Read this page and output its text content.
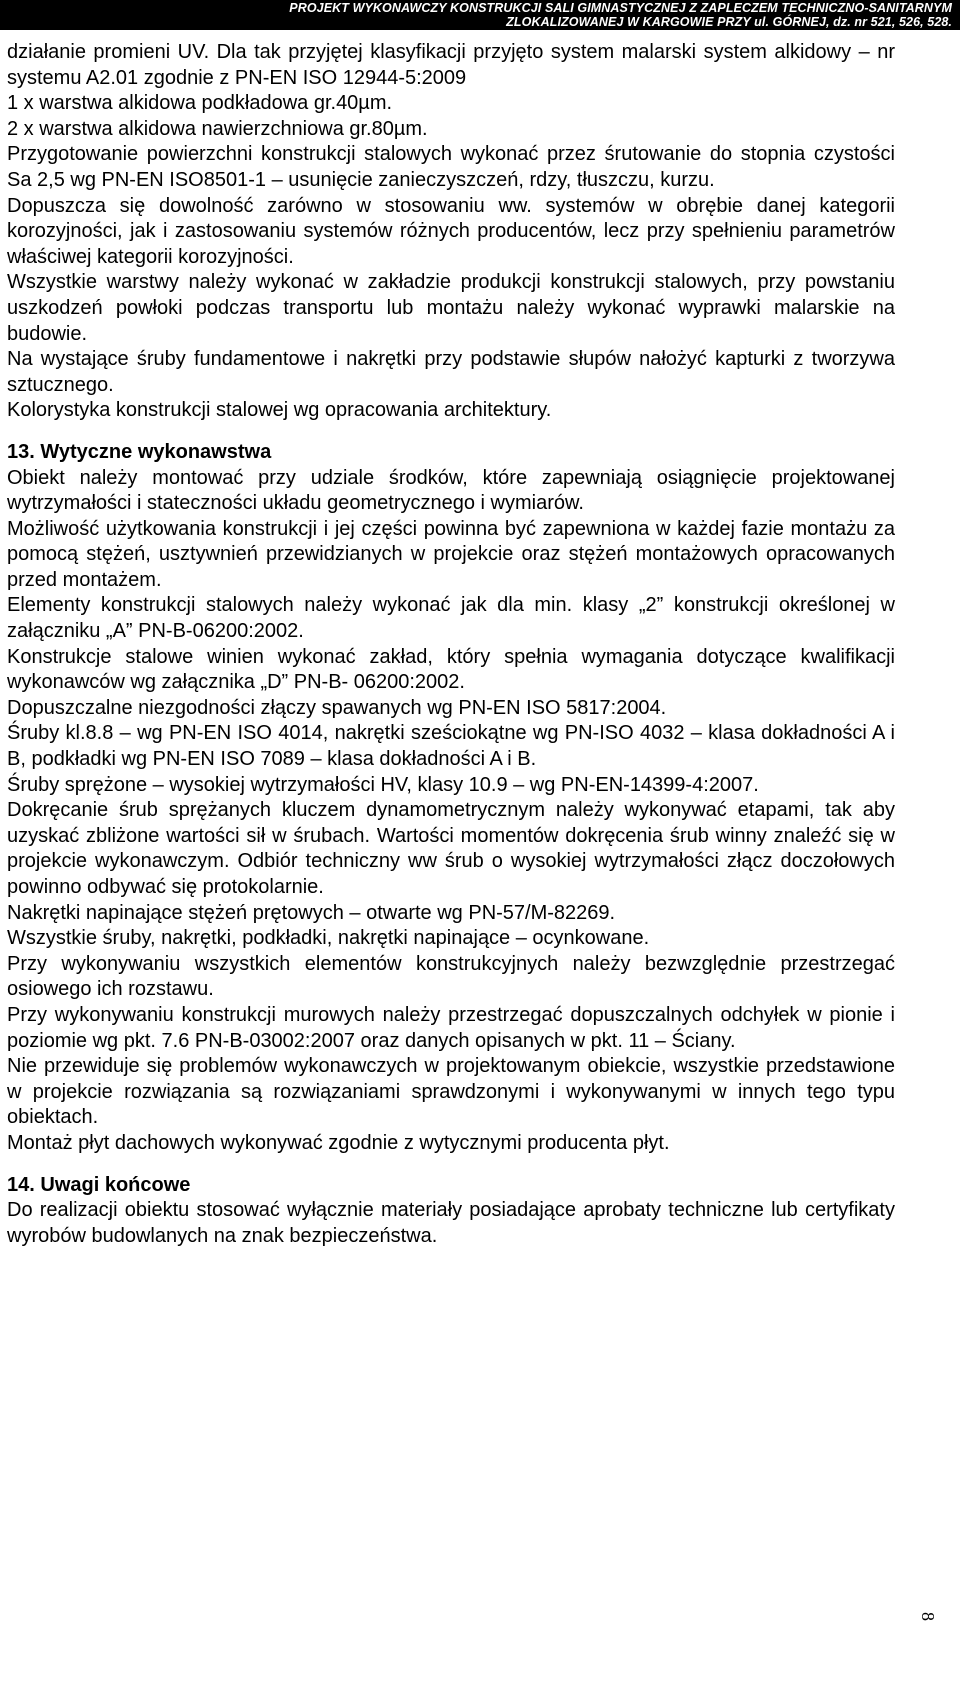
PROJEKT WYKONAWCZY KONSTRUKCJI SALI GIMNASTYCZNEJ Z ZAPLECZEM TECHNICZNO-SANITARNYM
ZLOKALIZOWANEJ W KARGOWIE PRZY ul. GÓRNEJ, dz. nr 521, 526, 528.

działanie promieni UV. Dla tak przyjętej klasyfikacji przyjęto system malarski system alkidowy – nr systemu A2.01 zgodnie z PN-EN ISO 12944-5:2009

1 x warstwa alkidowa podkładowa gr.40µm.

2 x warstwa alkidowa nawierzchniowa gr.80µm.

Przygotowanie powierzchni konstrukcji stalowych wykonać przez śrutowanie do stopnia czystości Sa 2,5 wg PN-EN ISO8501-1 – usunięcie zanieczyszczeń, rdzy, tłuszczu, kurzu.

Dopuszcza się dowolność zarówno w stosowaniu ww. systemów w obrębie danej kategorii korozyjności, jak i zastosowaniu systemów różnych producentów, lecz przy spełnieniu parametrów właściwej kategorii korozyjności.

Wszystkie warstwy należy wykonać w zakładzie produkcji konstrukcji stalowych, przy powstaniu uszkodzeń powłoki podczas transportu lub montażu należy wykonać wyprawki malarskie na budowie.

Na wystające śruby fundamentowe i nakrętki przy podstawie słupów nałożyć kapturki z tworzywa sztucznego.

Kolorystyka konstrukcji stalowej wg opracowania architektury.

13. Wytyczne wykonawstwa

Obiekt należy montować przy udziale środków, które zapewniają osiągnięcie projektowanej wytrzymałości i stateczności układu geometrycznego i wymiarów.

Możliwość użytkowania konstrukcji i jej części powinna być zapewniona w każdej fazie montażu za pomocą stężeń, usztywnień przewidzianych w projekcie oraz stężeń montażowych opracowanych przed montażem.

Elementy konstrukcji stalowych należy wykonać jak dla min. klasy „2” konstrukcji określonej w załączniku „A” PN-B-06200:2002.

Konstrukcje stalowe winien wykonać zakład, który spełnia wymagania dotyczące kwalifikacji wykonawców wg załącznika „D” PN-B- 06200:2002.

Dopuszczalne niezgodności złączy spawanych wg PN-EN ISO 5817:2004.

Śruby kl.8.8 – wg PN-EN ISO 4014, nakrętki sześciokątne wg PN-ISO 4032 – klasa dokładności A i B, podkładki wg PN-EN ISO 7089 – klasa dokładności A i B.

Śruby sprężone – wysokiej wytrzymałości HV, klasy 10.9 – wg PN-EN-14399-4:2007.

Dokręcanie śrub sprężanych kluczem dynamometrycznym należy wykonywać etapami, tak aby uzyskać zbliżone wartości sił w śrubach. Wartości momentów dokręcenia śrub winny znaleźć się w projekcie wykonawczym. Odbiór techniczny ww śrub o wysokiej wytrzymałości złącz doczołowych powinno odbywać się protokolarnie.

Nakrętki napinające stężeń prętowych – otwarte wg PN-57/M-82269.

Wszystkie śruby, nakrętki, podkładki, nakrętki napinające – ocynkowane.

Przy wykonywaniu wszystkich elementów konstrukcyjnych należy bezwzględnie przestrzegać osiowego ich rozstawu.

Przy wykonywaniu konstrukcji murowych należy przestrzegać dopuszczalnych odchyłek w pionie i poziomie wg pkt. 7.6 PN-B-03002:2007 oraz danych opisanych w pkt. 11 – Ściany.

Nie przewiduje się problemów wykonawczych w projektowanym obiekcie, wszystkie przedstawione w projekcie rozwiązania są rozwiązaniami sprawdzonymi i wykonywanymi w innych tego typu obiektach.

Montaż płyt dachowych wykonywać zgodnie z wytycznymi producenta płyt.

14. Uwagi końcowe

Do realizacji obiektu stosować wyłącznie materiały posiadające aprobaty techniczne lub certyfikaty wyrobów budowlanych na znak bezpieczeństwa.

8
